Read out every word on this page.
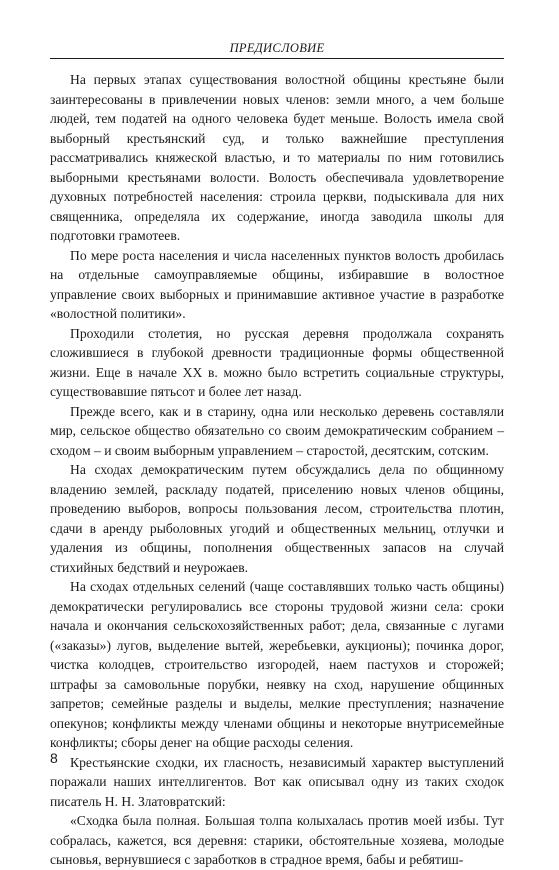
ПРЕДИСЛОВИЕ

На первых этапах существования волостной общины крестьяне были заинтересованы в привлечении новых членов: земли много, а чем больше людей, тем податей на одного человека будет меньше. Волость имела свой выборный крестьянский суд, и только важнейшие преступления рассматривались княжеской властью, и то материалы по ним готовились выборными крестьянами волости. Волость обеспечивала удовлетворение духовных потребностей населения: строила церкви, подыскивала для них священника, определяла их содержание, иногда заводила школы для подготовки грамотеев.

По мере роста населения и числа населенных пунктов волость дробилась на отдельные самоуправляемые общины, избиравшие в волостное управление своих выборных и принимавшие активное участие в разработке «волостной политики».

Проходили столетия, но русская деревня продолжала сохранять сложившиеся в глубокой древности традиционные формы общественной жизни. Еще в начале XX в. можно было встретить социальные структуры, существовавшие пятьсот и более лет назад.

Прежде всего, как и в старину, одна или несколько деревень составляли мир, сельское общество обязательно со своим демократическим собранием – сходом – и своим выборным управлением – старостой, десятским, сотским.

На сходах демократическим путем обсуждались дела по общинному владению землей, раскладу податей, приселению новых членов общины, проведению выборов, вопросы пользования лесом, строительства плотин, сдачи в аренду рыболовных угодий и общественных мельниц, отлучки и удаления из общины, пополнения общественных запасов на случай стихийных бедствий и неурожаев.

На сходах отдельных селений (чаще составлявших только часть общины) демократически регулировались все стороны трудовой жизни села: сроки начала и окончания сельскохозяйственных работ; дела, связанные с лугами («заказы») лугов, выделение вытей, жеребьевки, аукционы); починка дорог, чистка колодцев, строительство изгородей, наем пастухов и сторожей; штрафы за самовольные порубки, неявку на сход, нарушение общинных запретов; семейные разделы и выделы, мелкие преступления; назначение опекунов; конфликты между членами общины и некоторые внутрисемейные конфликты; сборы денег на общие расходы селения.

Крестьянские сходки, их гласность, независимый характер выступлений поражали наших интеллигентов. Вот как описывал одну из таких сходок писатель Н. Н. Златовратский:

«Сходка была полная. Большая толпа колыхалась против моей избы. Тут собралась, кажется, вся деревня: старики, обстоятельные хозяева, молодые сыновья, вернувшиеся с заработков в страдное время, бабы и ребятиш-

8
